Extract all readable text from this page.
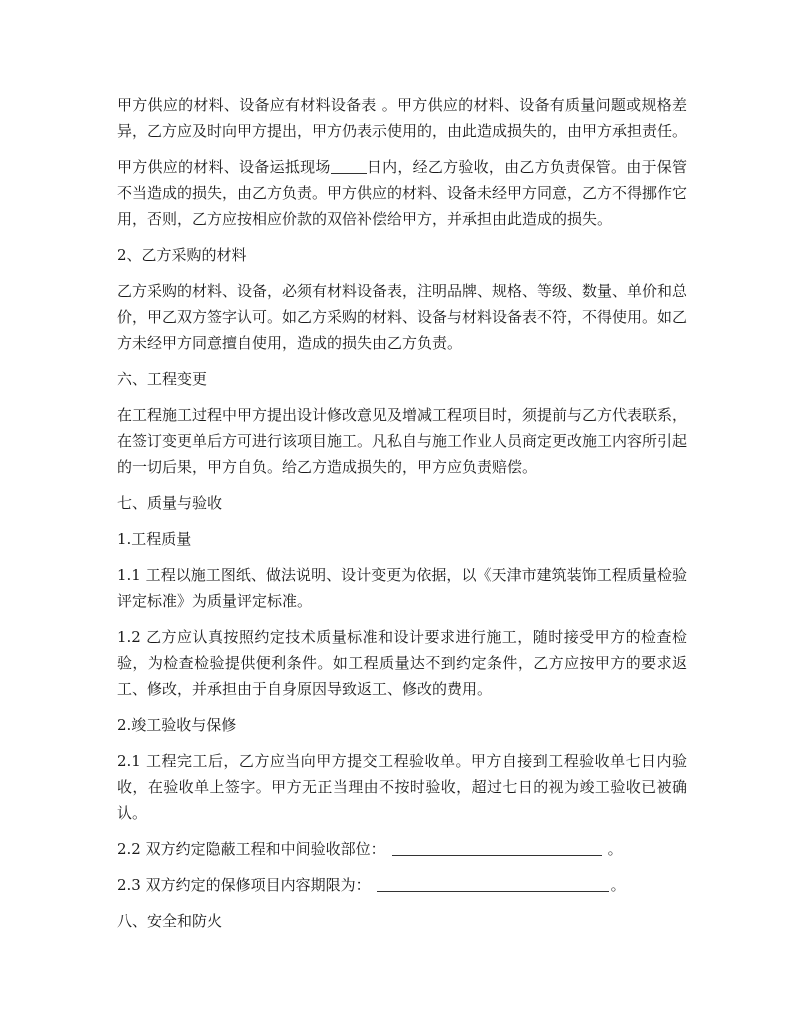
甲方供应的材料、设备应有材料设备表 。甲方供应的材料、设备有质量问题或规格差异，乙方应及时向甲方提出，甲方仍表示使用的，由此造成损失的，由甲方承担责任。

甲方供应的材料、设备运抵现场 日内，经乙方验收，由乙方负责保管。由于保管不当造成的损失，由乙方负责。甲方供应的材料、设备未经甲方同意，乙方不得挪作它用，否则，乙方应按相应价款的双倍补偿给甲方，并承担由此造成的损失。

2、乙方采购的材料

乙方采购的材料、设备，必须有材料设备表，注明品牌、规格、等级、数量、单价和总价，甲乙双方签字认可。如乙方采购的材料、设备与材料设备表不符，不得使用。如乙方未经甲方同意擅自使用，造成的损失由乙方负责。

六、工程变更

在工程施工过程中甲方提出设计修改意见及增减工程项目时，须提前与乙方代表联系，在签订变更单后方可进行该项目施工。凡私自与施工作业人员商定更改施工内容所引起的一切后果，甲方自负。给乙方造成损失的，甲方应负责赔偿。

七、质量与验收

1.工程质量

1.1 工程以施工图纸、做法说明、设计变更为依据，以《天津市建筑装饰工程质量检验评定标准》为质量评定标准。

1.2 乙方应认真按照约定技术质量标准和设计要求进行施工，随时接受甲方的检查检验，为检查检验提供便利条件。如工程质量达不到约定条件，乙方应按甲方的要求返工、修改，并承担由于自身原因导致返工、修改的费用。

2.竣工验收与保修

2.1 工程完工后，乙方应当向甲方提交工程验收单。甲方自接到工程验收单七日内验收，在验收单上签字。甲方无正当理由不按时验收，超过七日的视为竣工验收已被确认。

2.2 双方约定隐蔽工程和中间验收部位：	。

2.3 双方约定的保修项目内容期限为：	。

八、安全和防火
